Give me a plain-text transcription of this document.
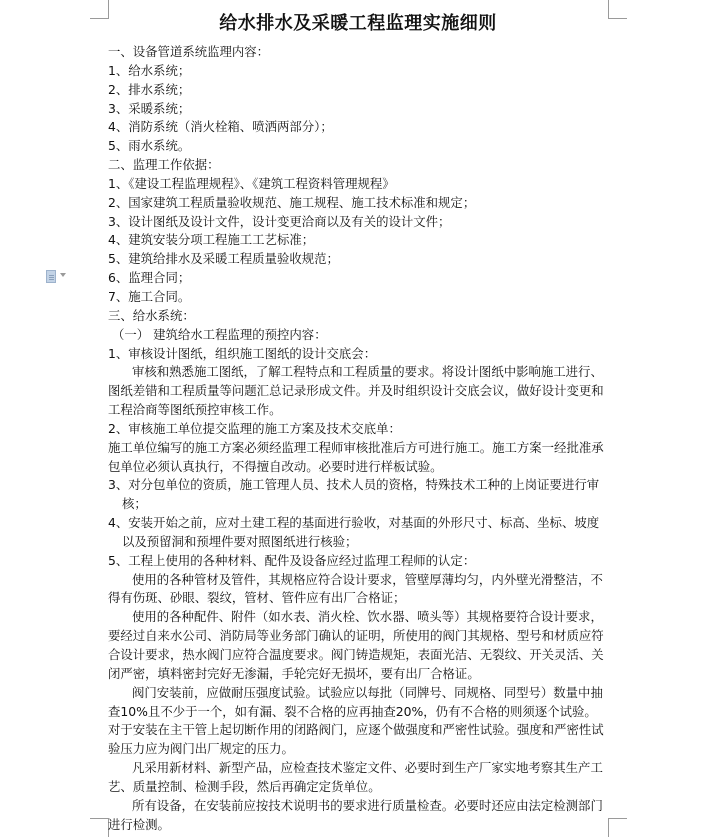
给水排水及采暖工程监理实施细则
一、设备管道系统监理内容：
1、给水系统；
2、排水系统；
3、采暖系统；
4、消防系统（消火栓箱、喷洒两部分）；
5、雨水系统。
二、监理工作依据：
1、《建设工程监理规程》、《建筑工程资料管理规程》
2、国家建筑工程质量验收规范、施工规程、施工技术标准和规定；
3、设计图纸及设计文件，设计变更洽商以及有关的设计文件；
4、建筑安装分项工程施工工艺标准；
5、建筑给排水及采暖工程质量验收规范；
6、监理合同；
7、施工合同。
三、给水系统：
（一） 建筑给水工程监理的预控内容：
1、审核设计图纸，组织施工图纸的设计交底会：
审核和熟悉施工图纸，了解工程特点和工程质量的要求。将设计图纸中影响施工进行、
图纸差错和工程质量等问题汇总记录形成文件。并及时组织设计交底会议，做好设计变更和
工程洽商等图纸预控审核工作。
2、审核施工单位提交监理的施工方案及技术交底单：
施工单位编写的施工方案必须经监理工程师审核批准后方可进行施工。施工方案一经批准承
包单位必须认真执行，不得擅自改动。必要时进行样板试验。
3、对分包单位的资质，施工管理人员、技术人员的资格，特殊技术工种的上岗证要进行审
核；
4、安装开始之前，应对土建工程的基面进行验收，对基面的外形尺寸、标高、坐标、坡度
以及预留洞和预埋件要对照图纸进行核验；
5、工程上使用的各种材料、配件及设备应经过监理工程师的认定：
使用的各种管材及管件，其规格应符合设计要求，管壁厚薄均匀，内外壁光滑整洁，不
得有伤斑、砂眼、裂纹，管材、管件应有出厂合格证；
使用的各种配件、附件（如水表、消火栓、饮水器、喷头等）其规格要符合设计要求，
要经过自来水公司、消防局等业务部门确认的证明，所使用的阀门其规格、型号和材质应符
合设计要求，热水阀门应符合温度要求。阀门铸造规矩，表面光洁、无裂纹、开关灵活、关
闭严密，填料密封完好无渗漏，手轮完好无损坏，要有出厂合格证。
阀门安装前，应做耐压强度试验。试验应以每批（同牌号、同规格、同型号）数量中抽
查10%且不少于一个，如有漏、裂不合格的应再抽查20%，仍有不合格的则须逐个试验。
对于安装在主干管上起切断作用的闭路阀门，应逐个做强度和严密性试验。强度和严密性试
验压力应为阀门出厂规定的压力。
凡采用新材料、新型产品，应检查技术鉴定文件、必要时到生产厂家实地考察其生产工
艺、质量控制、检测手段，然后再确定定货单位。
所有设备，在安装前应按技术说明书的要求进行质量检查。必要时还应由法定检测部门
进行检测。
